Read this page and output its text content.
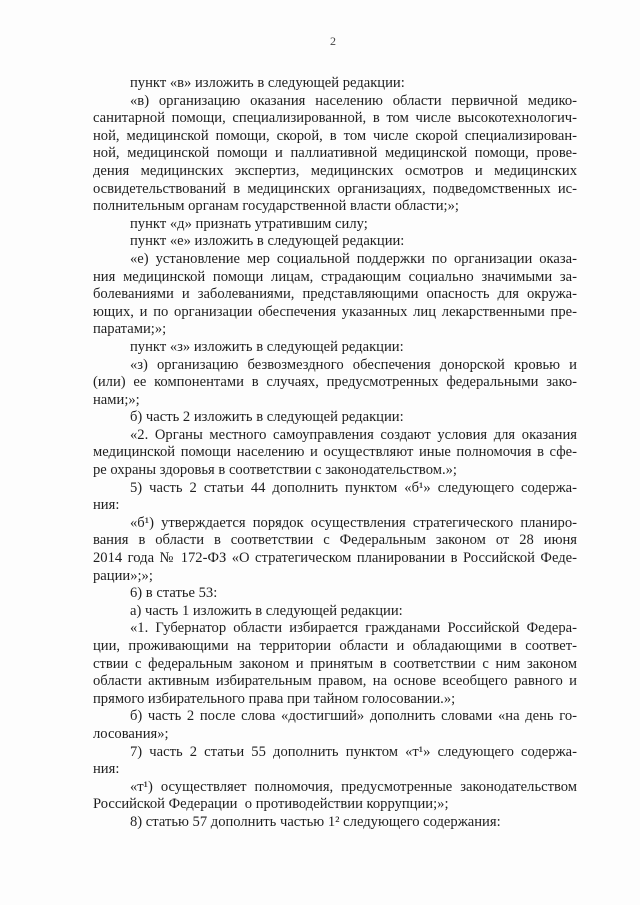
2
пункт «в» изложить в следующей редакции:
«в) организацию оказания населению области первичной медико-
санитарной помощи, специализированной, в том числе высокотехнологич-
ной, медицинской помощи, скорой, в том числе скорой специализирован-
ной, медицинской помощи и паллиативной медицинской помощи, прове-
дения медицинских экспертиз, медицинских осмотров и медицинских
освидетельствований в медицинских организациях, подведомственных ис-
полнительным органам государственной власти области;»;
пункт «д» признать утратившим силу;
пункт «е» изложить в следующей редакции:
«е) установление мер социальной поддержки по организации оказа-
ния медицинской помощи лицам, страдающим социально значимыми за-
болеваниями и заболеваниями, представляющими опасность для окружа-
ющих, и по организации обеспечения указанных лиц лекарственными пре-
паратами;»;
пункт «з» изложить в следующей редакции:
«з) организацию безвозмездного обеспечения донорской кровью и
(или) ее компонентами в случаях, предусмотренных федеральными зако-
нами;»;
б) часть 2 изложить в следующей редакции:
«2. Органы местного самоуправления создают условия для оказания
медицинской помощи населению и осуществляют иные полномочия в сфе-
ре охраны здоровья в соответствии с законодательством.»;
5) часть 2 статьи 44 дополнить пунктом «б¹» следующего содержа-
ния:
«б¹) утверждается порядок осуществления стратегического планиро-
вания в области в соответствии с Федеральным законом от 28 июня
2014 года № 172-ФЗ «О стратегическом планировании в Российской Феде-
рации»;»;
6) в статье 53:
а) часть 1 изложить в следующей редакции:
«1. Губернатор области избирается гражданами Российской Федера-
ции, проживающими на территории области и обладающими в соответ-
ствии с федеральным законом и принятым в соответствии с ним законом
области активным избирательным правом, на основе всеобщего равного и
прямого избирательного права при тайном голосовании.»;
б) часть 2 после слова «достигший» дополнить словами «на день го-
лосования»;
7) часть 2 статьи 55 дополнить пунктом «т¹» следующего содержа-
ния:
«т¹) осуществляет полномочия, предусмотренные законодательством
Российской Федерации  о противодействии коррупции;»;
8) статью 57 дополнить частью 1² следующего содержания:
